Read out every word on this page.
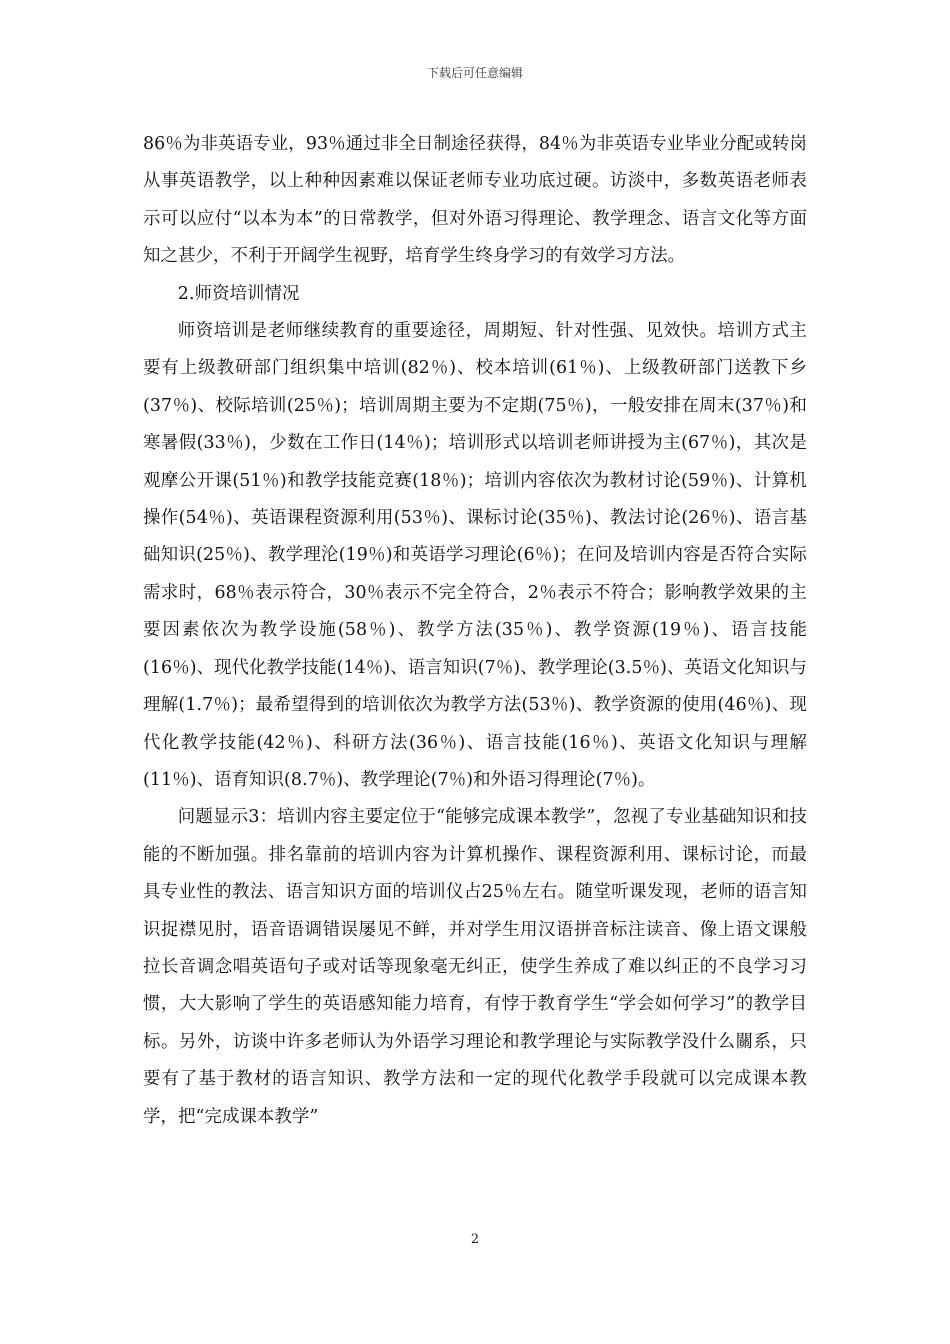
下载后可任意编辑

86％为非英语专业，93％通过非全日制途径获得，84％为非英语专业毕业分配或转岗从事英语教学，以上种种因素难以保证老师专业功底过硬。访淡中，多数英语老师表示可以应付“以本为本”的日常教学，但对外语习得理论、教学理念、语言文化等方面知之甚少，不利于开阔学生视野，培育学生终身学习的有效学习方法。

2.师资培训情况

师资培训是老师继续教育的重要途径，周期短、针对性强、见效快。培训方式主要有上级教研部门组织集中培训(82％)、校本培训(61％)、上级教研部门送教下乡(37％)、校际培训(25％)；培训周期主要为不定期(75％)，一般安排在周末(37％)和寒暑假(33％)，少数在工作日(14％)；培训形式以培训老师讲授为主(67％)，其次是观摩公开课(51％)和教学技能竞赛(18％)；培训内容依次为教材讨论(59％)、计算机操作(54％)、英语课程资源利用(53％)、课标讨论(35％)、教法讨论(26％)、语言基础知识(25％)、教学理沦(19％)和英语学习理论(6％)；在问及培训内容是否符合实际需求时，68％表示符合，30％表示不完全符合，2％表示不符合；影响教学效果的主要因素依次为教学设施(58％)、教学方法(35％)、教学资源(19％)、语言技能(16％)、现代化教学技能(14％)、语言知识(7％)、教学理论(3.5％)、英语文化知识与理解(1.7％)；最希望得到的培训依次为教学方法(53％)、教学资源的使用(46％)、现代化教学技能(42％)、科研方法(36％)、语言技能(16％)、英语文化知识与理解(11％)、语育知识(8.7％)、教学理论(7％)和外语习得理论(7％)。

问题显示3：培训内容主要定位于“能够完成课本教学”，忽视了专业基础知识和技能的不断加强。排名靠前的培训内容为计算机操作、课程资源利用、课标讨论，而最具专业性的教法、语言知识方面的培训仪占25％左右。随堂听课发现，老师的语言知识捉襟见肘，语音语调错误屡见不鲜，并对学生用汉语拼音标注读音、像上语文课般拉长音调念唱英语句子或对话等现象毫无纠正，使学生养成了难以纠正的不良学习习惯，大大影响了学生的英语感知能力培育，有悖于教育学生“学会如何学习”的教学目标。另外，访谈中许多老师认为外语学习理论和教学理论与实际教学没什么關系，只要有了基于教材的语言知识、教学方法和一定的现代化教学手段就可以完成课本教学，把“完成课本教学”

2
